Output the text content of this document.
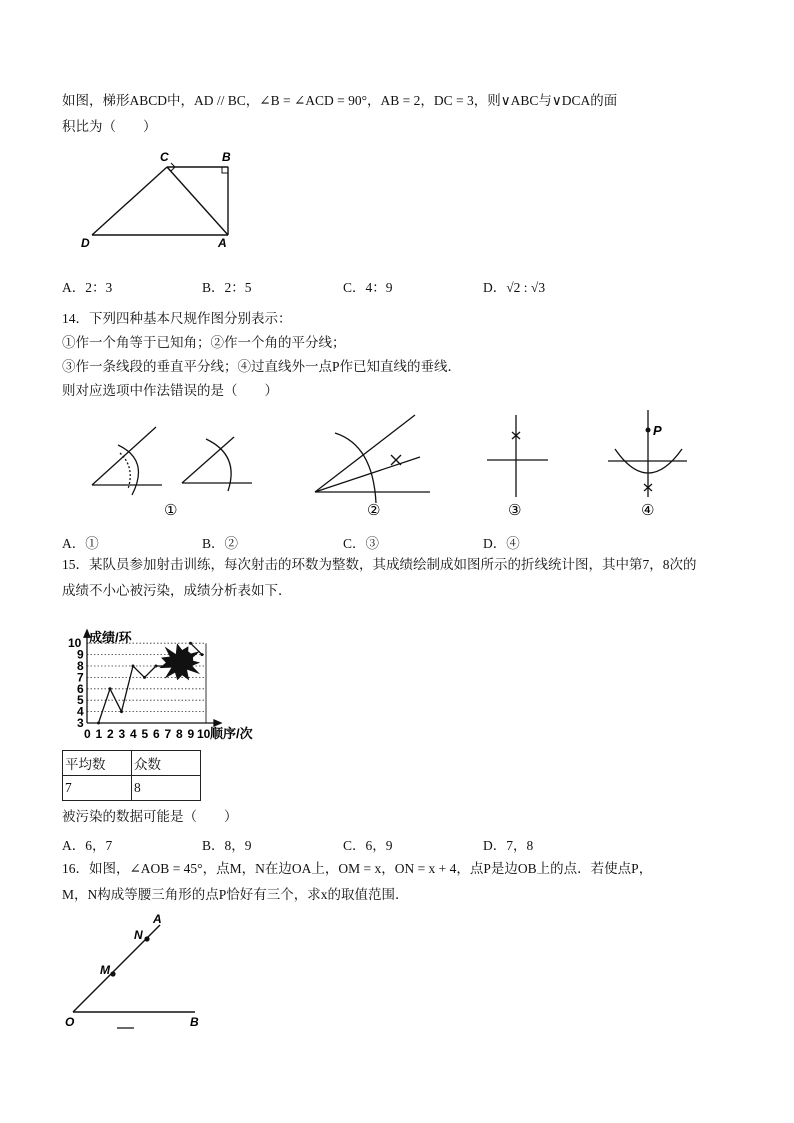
如图，梯形ABCD中，AD // BC，∠B = ∠ACD = 90°，AB = 2，DC = 3，则∨ABC与∨DCA的面
积比为（　　）
C	B
D	A
A．2：3	B．2：5	C．4：9	D．√2 : √3
14．下列四种基本尺规作图分别表示：
①作一个角等于已知角；②作一个角的平分线；
③作一条线段的垂直平分线；④过直线外一点P作已知直线的垂线．
则对应选项中作法错误的是（　　）
P
①	②	③	④
A．①	B．②	C．③	D．④
15．某队员参加射击训练，每次射击的环数为整数，其成绩绘制成如图所示的折线统计图，其中第7，8次的
成绩不小心被污染，成绩分析表如下．
3
4
5
6
7
8
9
10
0 1 2 3 4 5 6 7 8 9 10
成绩/环
顺序/次
平均数	众数
7	8
被污染的数据可能是（　　）
A．6，7	B．8，9	C．6，9	D．7，8
16．如图，∠AOB = 45°，点M，N在边OA上，OM = x，ON = x + 4，点P是边OB上的点．若使点P，
M，N构成等腰三角形的点P恰好有三个，求x的取值范围．
A
N
M
O	B
